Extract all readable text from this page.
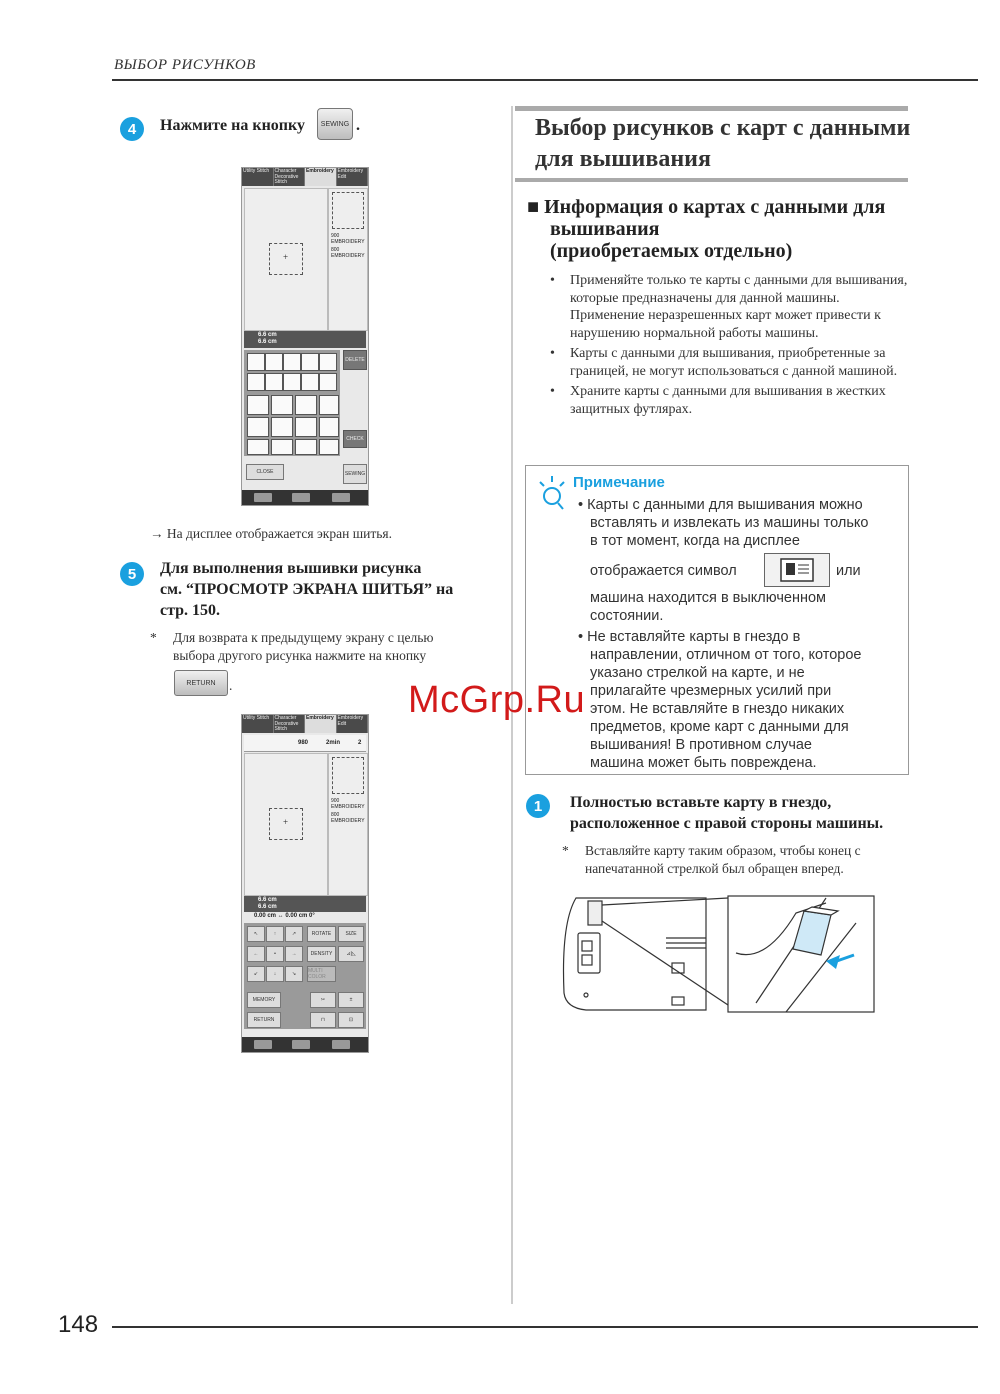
ВЫБОР РИСУНКОВ
4	Нажмите на кнопку SEWING .
Utility Stitch	Character Decorative Stitch
Embroidery Embroidery Edit
+
900 EMBROIDERY
800 EMBROIDERY
6.6 cm
6.6 cm
DELETE
CHECK
CLOSE	SEWING
→ На дисплее отображается экран шитья.
5	Для выполнения вышивки рисунка
см. “ПРОСМОТР ЭКРАНА ШИТЬЯ” на
стр. 150.
* Для возврата к предыдущему экрану с целью
выбора другого рисунка нажмите на кнопку
RETURN .
Utility Stitch	Character Decorative Stitch
Embroidery Embroidery Edit
980	2min	2
+
900 EMBROIDERY
800 EMBROIDERY
6.6 cm
6.6 cm
0.00 cm ↔ 0.00 cm 0°
↖	↑	↗
←	•	→
↙	↓	↘
ROTATE	SIZE
DENSITY	⊿|◺
MULTI COLOR
MEMORY	✂	±
RETURN	⊓	⊡
Выбор рисунков с карт с данными
для вышивания
■ Информация о картах с данными для
вышивания
(приобретаемых отдельно)
• Применяйте только те карты с данными для вышивания, которые предназначены для данной машины. Применение неразрешенных карт может привести к нарушению нормальной работы машины.
• Карты с данными для вышивания, приобретенные за границей, не могут использоваться с данной машиной.
• Храните карты с данными для вышивания в жестких защитных футлярах.
Примечание
• Карты с данными для вышивания можно
вставлять и извлекать из машины только
в тот момент, когда на дисплее
отображается символ	или
машина находится в выключенном
состоянии.
• Не вставляйте карты в гнездо в
направлении, отличном от того, которое
указано стрелкой на карте, и не
прилагайте чрезмерных усилий при
этом. Не вставляйте в гнездо никаких
предметов, кроме карт с данными для
вышивания! В противном случае
машина может быть повреждена.
1	Полностью вставьте карту в гнездо,
расположенное с правой стороны машины.
* Вставляйте карту таким образом, чтобы конец с
напечатанной стрелкой был обращен вперед.
McGrp.Ru
148
